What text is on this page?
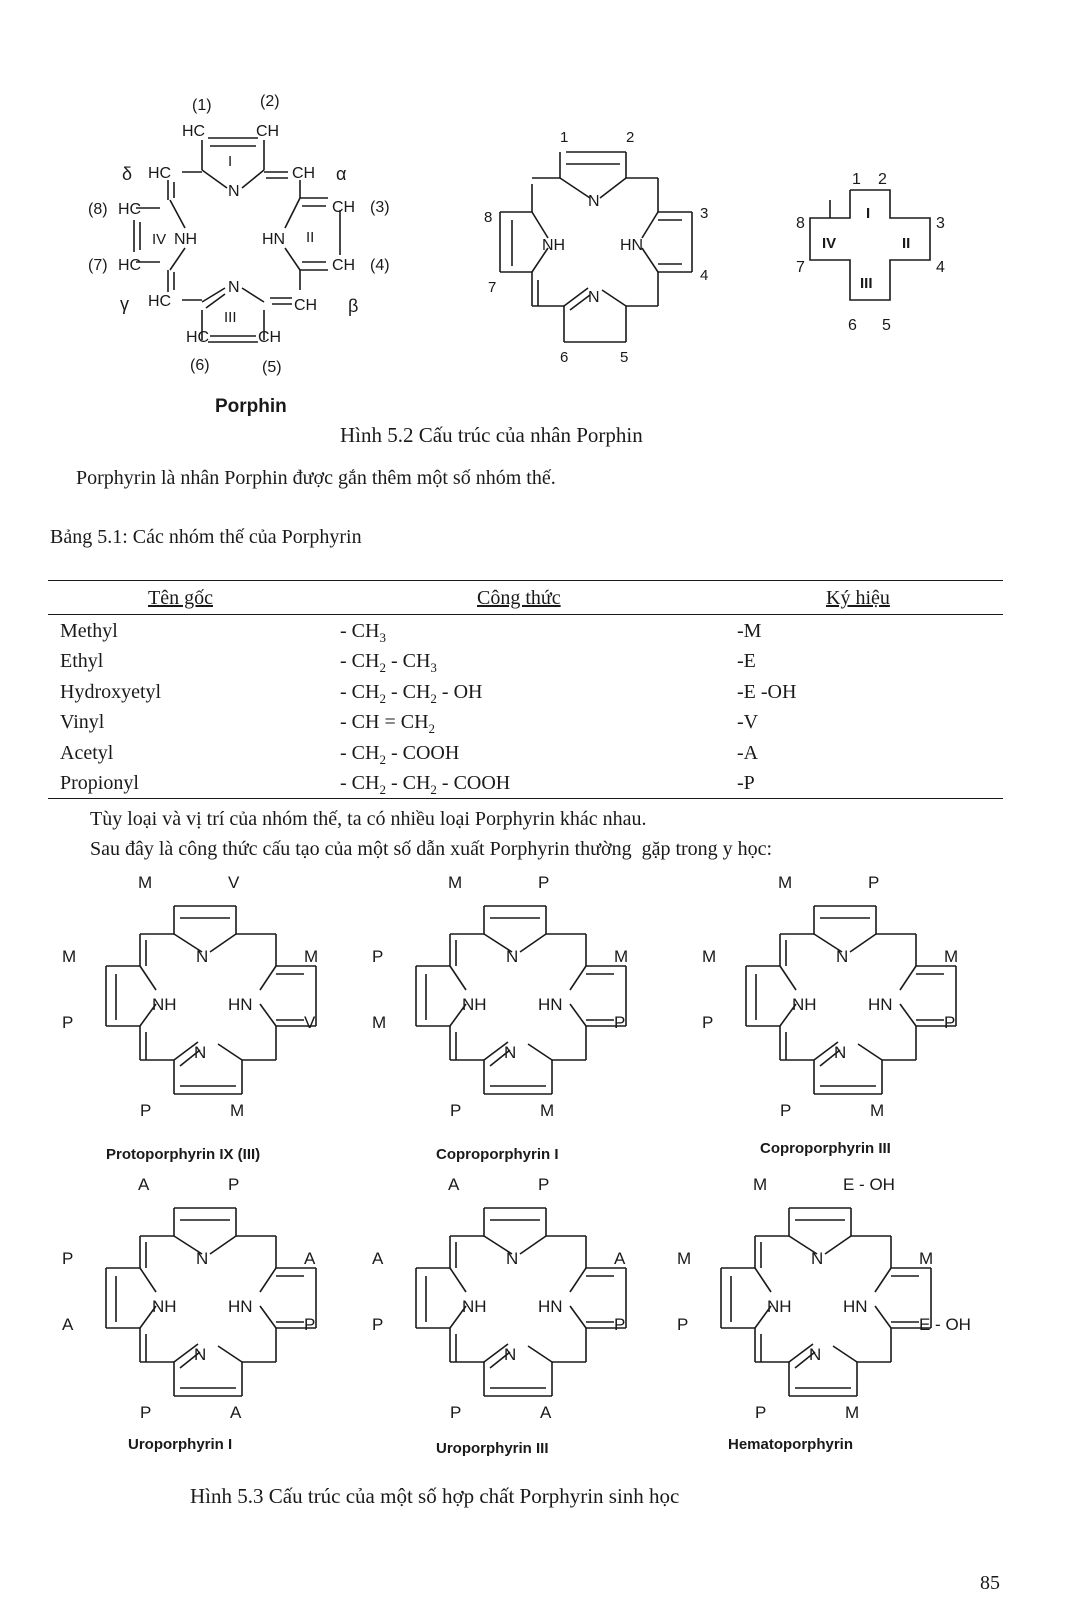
(1)	(2)
(3)
(4)
(5)
(6)
(7)
(8)
α
β
γ
δ
HC	CH
HC	CH
HC	CH
HC	CH
HC	CH
HC	CH
N
NH	HN
N
I
II
III
IV
Porphin
1	2
3
4
5
6
7
8
N
NH	HN
N
1 2
3
4
5
6
7
8
I
II
III
IV
Hình 5.2 Cấu trúc của nhân Porphin
Porphyrin là nhân Porphin được gắn thêm một số nhóm thế.
Bảng 5.1: Các nhóm thế của Porphyrin
Tên gốc	Công thức	Ký hiệu
Methyl	- $CH_3$	-M
Ethyl	- $CH_2 - CH_3$	-E
Hydroxyetyl	- $CH_2 - CH_2$ - OH	-E -OH
Vinyl	- CH = $CH_2$	-V
Acetyl	- $CH_2$ - COOH	-A
Propionyl	- $CH_2 - CH_2$ - COOH	-P
Tùy loại và vị trí của nhóm thế, ta có nhiều loại Porphyrin khác nhau.
Sau đây là công thức cấu tạo của một số dẫn xuất Porphyrin thường  gặp trong y học:
N
NH	HN
N
M	V
M
V
M
P
P
M
Protoporphyrin IX (III)
N
NH	HN
N
M	P
M
P
M
P
M
P
Coproporphyrin I
N
NH	HN
N
M	P
M
P
M
P
P
M
Coproporphyrin III
N
NH	HN
N
A	P
A
P
A
P
A
P
Uroporphyrin I
N
NH	HN
N
A	P
A
P
A
P
P
A
Uroporphyrin III
N
NH	HN
N
M	E - OH
M
E - OH
M
P
P
M
Hematoporphyrin
Hình 5.3 Cấu trúc của một số hợp chất Porphyrin sinh học
85
